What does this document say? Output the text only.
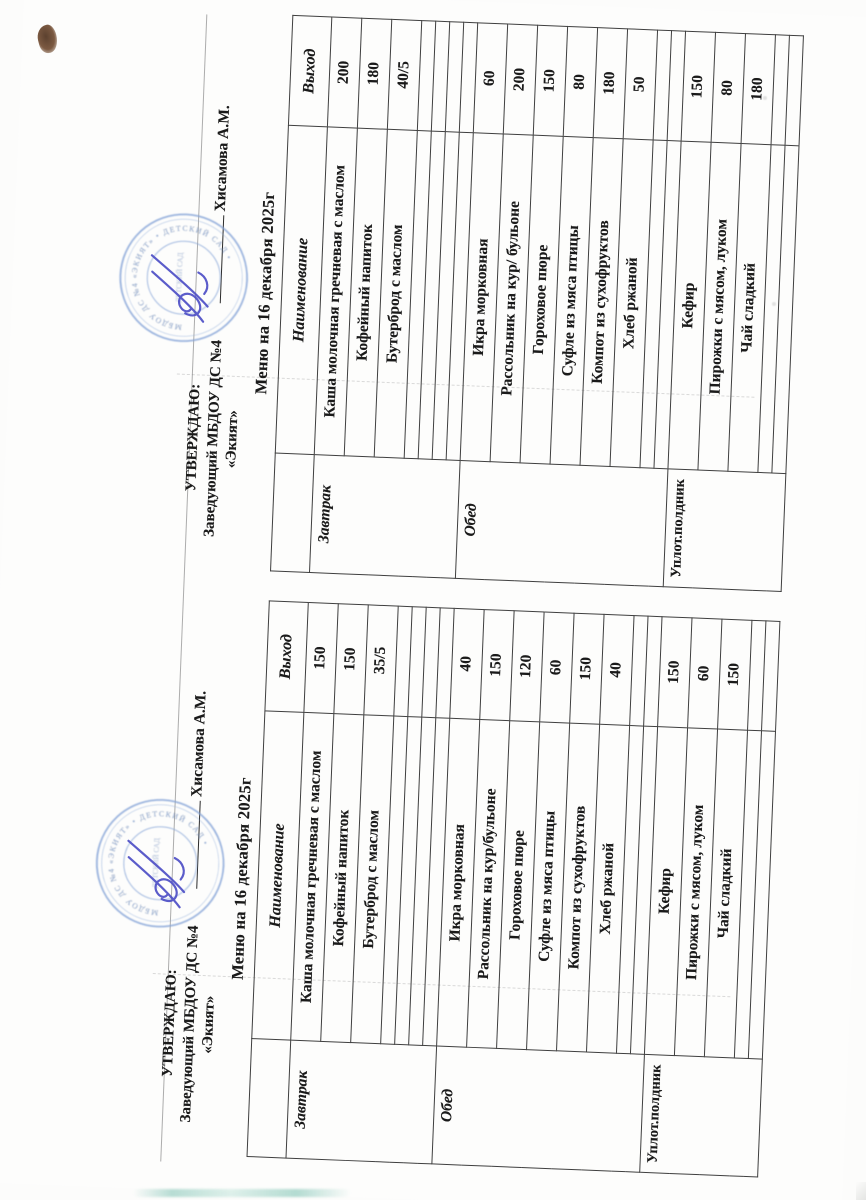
УТВЕРЖДАЮ:
Заведующий МБДОУ ДС №4
«Экият»
МБДОУ ДС №4 «ЭКИЯТ» • ДЕТСКИЙ САД •
ДЕТСКИЙ САД
Хисамова А.М.
Меню на 16 декабря 2025г
	Наименование	Выход
Завтрак	Каша молочная гречневая с маслом	150
	Кофейный напиток	150
	Бутерброд с маслом	35/5

Обед	Икра морковная	40
	Рассольник на кур/бульоне	150
	Гороховое пюре	120
	Суфле из мяса птицы	60
	Компот из сухофруктов	150
	Хлеб ржаной	40

Уплот.полдник	Кефир	150
	Пирожки с мясом, луком	60
	Чай сладкий	150

УТВЕРЖДАЮ:
Заведующий МБДОУ ДС №4
«Экият»
МБДОУ ДС №4 «ЭКИЯТ» • ДЕТСКИЙ САД •
ДЕТСКИЙ САД
Хисамова А.М.
Меню на 16 декабря 2025г
	Наименование	Выход
Завтрак	Каша молочная гречневая с маслом	200
	Кофейный напиток	180
	Бутерброд с маслом	40/5

Обед	Икра морковная	60
	Рассольник на кур/ бульоне	200
	Гороховое пюре	150
	Суфле из мяса птицы	80
	Компот из сухофруктов	180
	Хлеб ржаной	50

Уплот.полдник	Кефир	150
	Пирожки с мясом, луком	80
	Чай сладкий	180
